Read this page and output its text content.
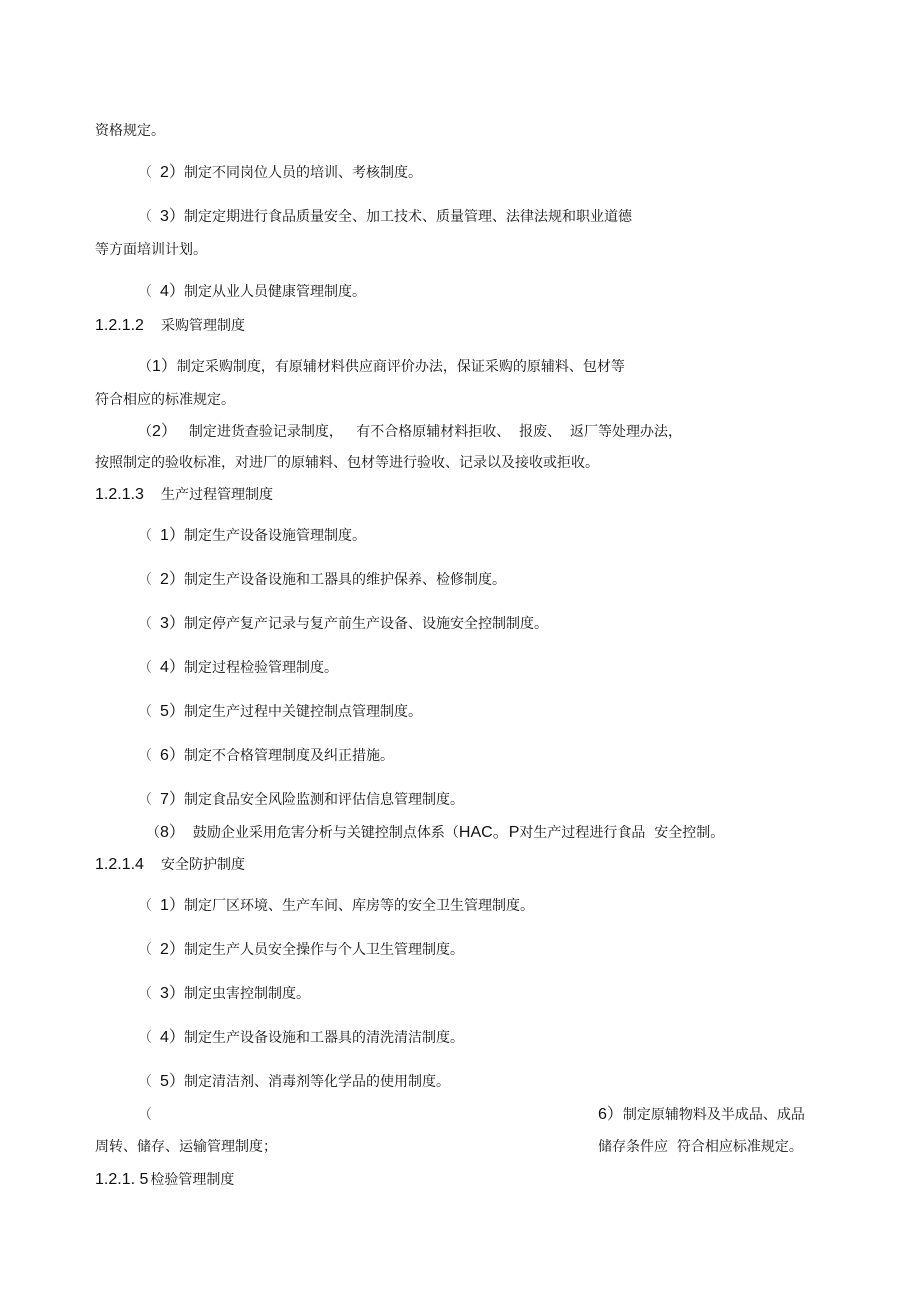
资格规定。
（ 2）制定不同岗位人员的培训、考核制度。
（ 3）制定定期进行食品质量安全、加工技术、质量管理、法律法规和职业道德
等方面培训计划。
（ 4）制定从业人员健康管理制度。
1.2.1.2 采购管理制度
（1）制定采购制度，有原辅材料供应商评价办法，保证采购的原辅料、包材等
符合相应的标准规定。
（2） 制定进货查验记录制度，   有不合格原辅材料拒收、  报废、  返厂等处理办法，
按照制定的验收标准，对进厂的原辅料、包材等进行验收、记录以及接收或拒收。
1.2.1.3 生产过程管理制度
（ 1）制定生产设备设施管理制度。
（ 2）制定生产设备设施和工器具的维护保养、检修制度。
（ 3）制定停产复产记录与复产前生产设备、设施安全控制制度。
（ 4）制定过程检验管理制度。
（ 5）制定生产过程中关键控制点管理制度。
（ 6）制定不合格管理制度及纠正措施。
（ 7）制定食品安全风险监测和评估信息管理制度。
（8） 鼓励企业采用危害分析与关键控制点体系（HAC。P对生产过程进行食品  安全控制。
1.2.1.4 安全防护制度
（ 1）制定厂区环境、生产车间、库房等的安全卫生管理制度。
（ 2）制定生产人员安全操作与个人卫生管理制度。
（ 3）制定虫害控制制度。
（ 4）制定生产设备设施和工器具的清洗清洁制度。
（ 5）制定清洁剂、消毒剂等化学品的使用制度。
（	6）制定原辅物料及半成品、成品
周转、储存、运输管理制度；	储存条件应  符合相应标准规定。
1.2.1. 5 检验管理制度
